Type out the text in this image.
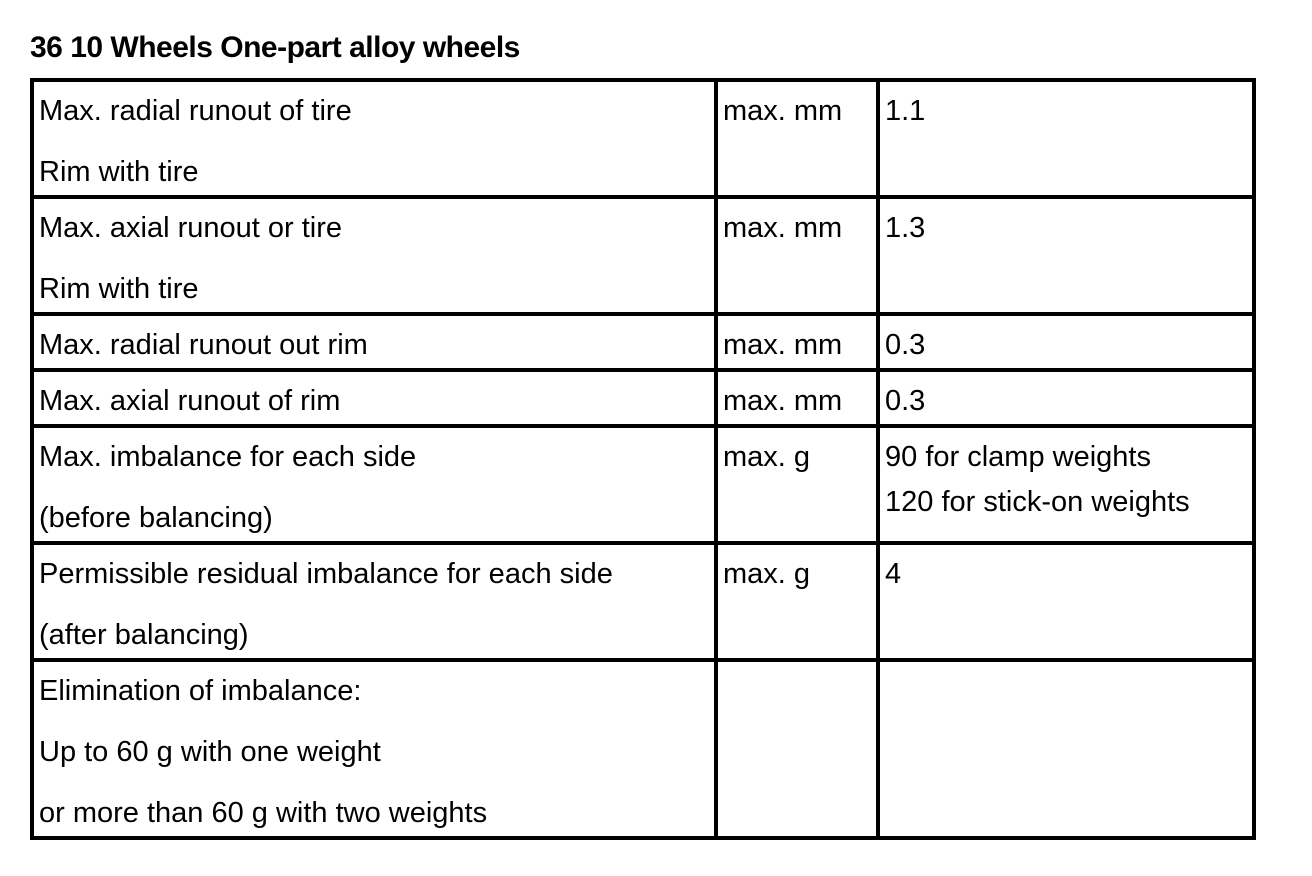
36 10 Wheels One-part alloy wheels
Max. radial runout of tire
Rim with tire	max. mm	1.1

Max. axial runout or tire
Rim with tire	max. mm	1.3

Max. radial runout out rim	max. mm	0.3

Max. axial runout of rim	max. mm	0.3

Max. imbalance for each side
(before balancing)	max. g	90 for clamp weights
120 for stick-on weights

Permissible residual imbalance for each side
(after balancing)	max. g	4

Elimination of imbalance:
Up to 60 g with one weight
or more than 60 g with two weights		
